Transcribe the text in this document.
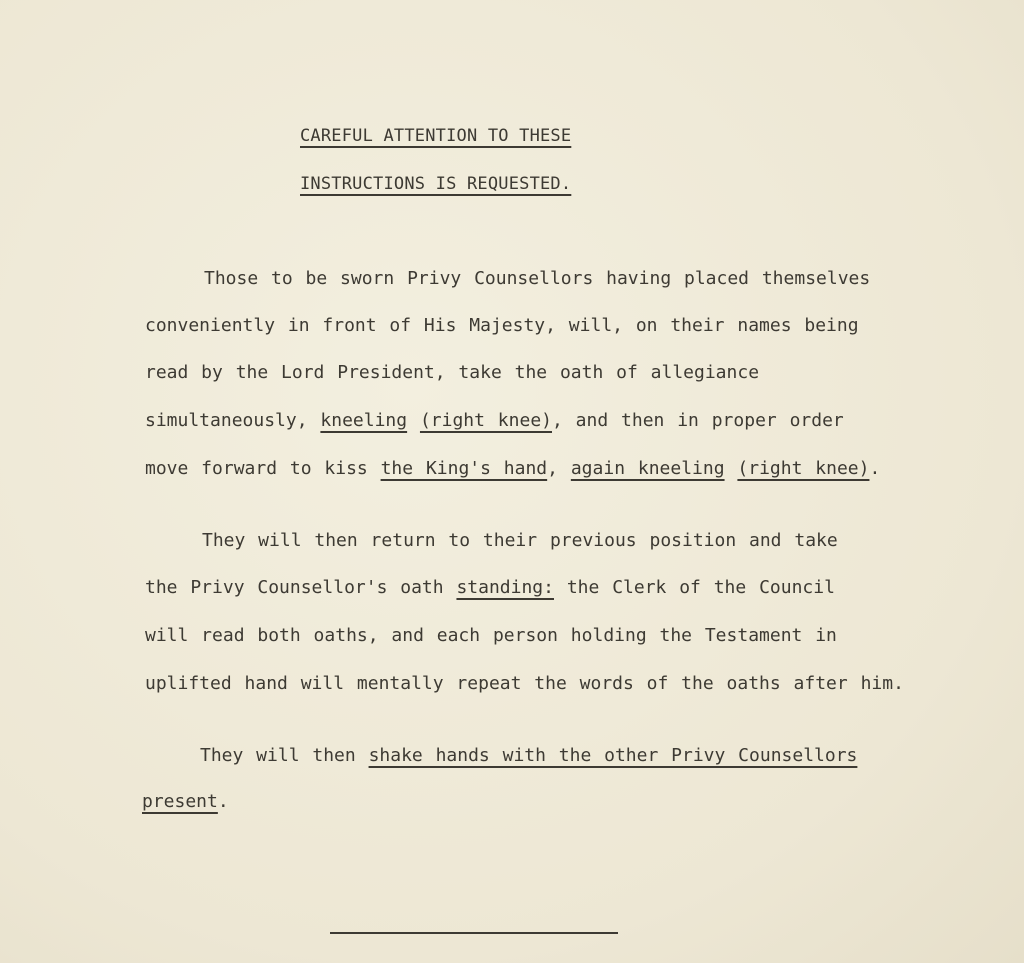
CAREFUL ATTENTION TO THESE
INSTRUCTIONS IS REQUESTED.
Those to be sworn Privy Counsellors having placed themselves
conveniently in front of His Majesty, will, on their names being
read by the Lord President, take the oath of allegiance
simultaneously, kneeling (right knee), and then in proper order
move forward to kiss the King's hand, again kneeling (right knee).
They will then return to their previous position and take
the Privy Counsellor's oath standing: the Clerk of the Council
will read both oaths, and each person holding the Testament in
uplifted hand will mentally repeat the words of the oaths after him.
They will then shake hands with the other Privy Counsellors
present.
